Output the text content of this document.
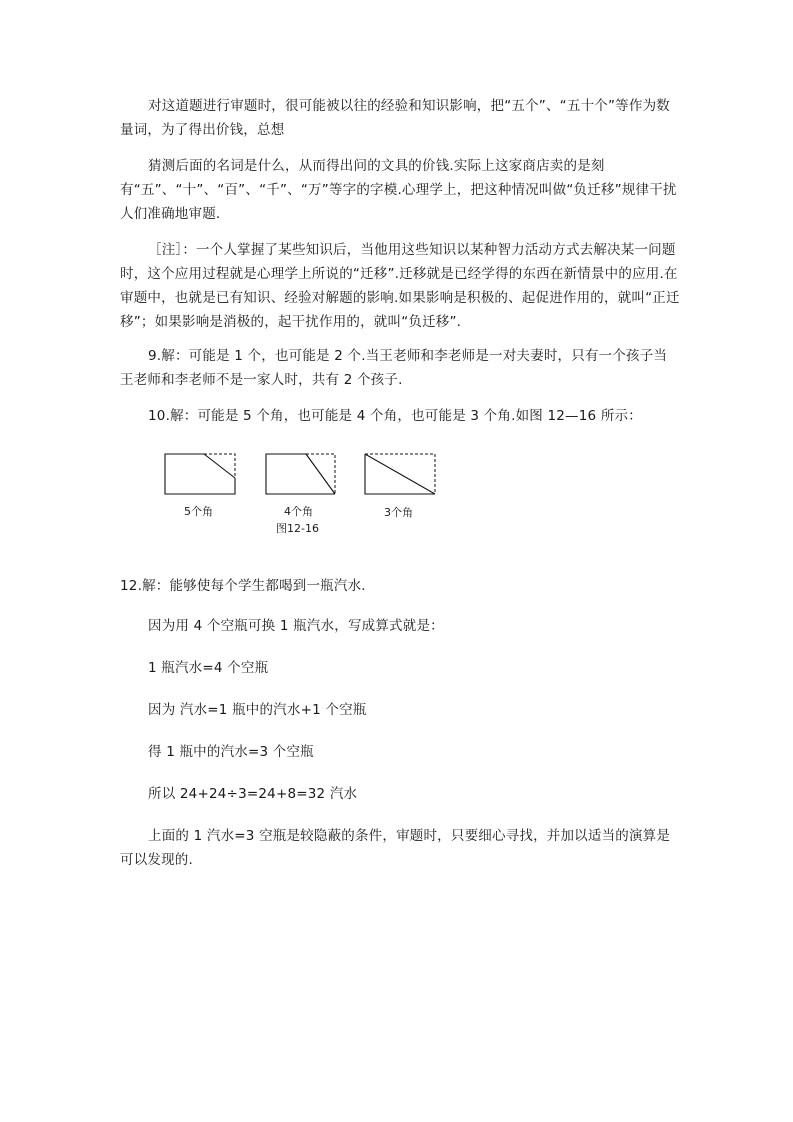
对这道题进行审题时，很可能被以往的经验和知识影响，把“五个”、“五十个”等作为数量词，为了得出价钱，总想

猜测后面的名词是什么，从而得出问的文具的价钱.实际上这家商店卖的是刻有“五”、“十”、“百”、“千”、“万”等字的字模.心理学上，把这种情况叫做“负迁移”规律干扰人们准确地审题.

［注］：一个人掌握了某些知识后，当他用这些知识以某种智力活动方式去解决某一问题时，这个应用过程就是心理学上所说的“迁移”.迁移就是已经学得的东西在新情景中的应用.在审题中，也就是已有知识、经验对解题的影响.如果影响是积极的、起促进作用的，就叫“正迁移”；如果影响是消极的，起干扰作用的，就叫“负迁移”.

9.解：可能是 1 个，也可能是 2 个.当王老师和李老师是一对夫妻时，只有一个孩子当王老师和李老师不是一家人时，共有 2 个孩子.

10.解：可能是 5 个角，也可能是 4 个角，也可能是 3 个角.如图 12—16 所示：

5个角	4个角	3个角
图12-16

12.解：能够使每个学生都喝到一瓶汽水.

因为用 4 个空瓶可换 1 瓶汽水，写成算式就是：

1 瓶汽水=4 个空瓶

因为 汽水=1 瓶中的汽水+1 个空瓶

得 1 瓶中的汽水=3 个空瓶

所以 24+24÷3=24+8=32 汽水

上面的 1 汽水=3 空瓶是较隐蔽的条件，审题时，只要细心寻找，并加以适当的演算是可以发现的.
